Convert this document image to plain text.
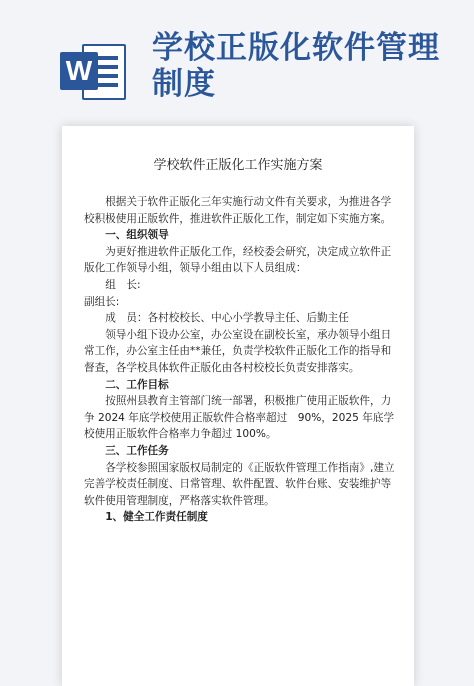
W
学校正版化软件管理制度
学校软件正版化工作实施方案

根据关于软件正版化三年实施行动文件有关要求，为推进各学校积极使用正版软件，推进软件正版化工作，制定如下实施方案。

一、组织领导

为更好推进软件正版化工作，经校委会研究，决定成立软件正版化工作领导小组，领导小组由以下人员组成：

组　长:

副组长:

成　员：各村校校长、中心小学教导主任、后勤主任

领导小组下设办公室，办公室设在副校长室，承办领导小组日常工作，办公室主任由**兼任，负责学校软件正版化工作的指导和督查，各学校具体软件正版化由各村校校长负责安排落实。

二、工作目标

按照州县教育主管部门统一部署，积极推广使用正版软件，力争 2024 年底学校使用正版软件合格率超过　90%，2025 年底学校使用正版软件合格率力争超过 100%。

三、工作任务

各学校参照国家版权局制定的《正版软件管理工作指南》,建立完善学校责任制度、日常管理、软件配置、软件台账、安装维护等软件使用管理制度，严格落实软件管理。

1、健全工作责任制度
